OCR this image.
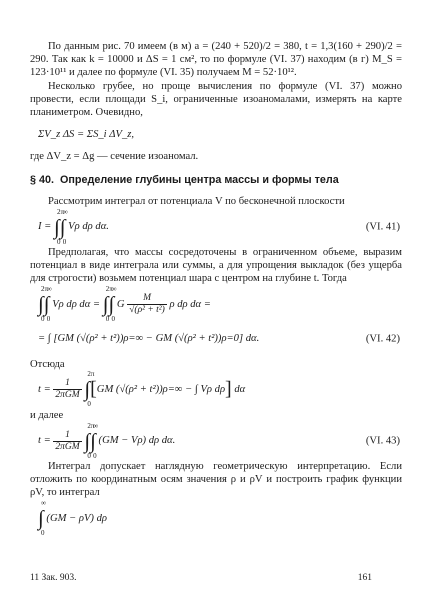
По данным рис. 70 имеем (в м) a = (240 + 520)/2 = 380, t = 1,3(160 + 290)/2 = 290. Так как k = 10000 и ΔS = 1 см², то по формуле (VI. 37) находим (в г) M_S = 123·10¹¹ и далее по формуле (VI. 35) получаем M = 52·10¹².

Несколько грубее, но проще вычисления по формуле (VI. 37) можно провести, если площади S_i, ограниченные изоаномалами, измерять на карте планиметром. Очевидно,

ΣV_z ΔS = ΣS_i ΔV_z,

где ΔV_z = Δg — сечение изоаномал.

§ 40. Определение глубины центра массы и формы тела

Рассмотрим интеграл от потенциала V по бесконечной плоскости

I =
∫
2π
0
∫
∞
0

Vρ dρ dα.	(VI. 41)

Предполагая, что массы сосредоточены в ограниченном объеме, выразим потенциал в виде интеграла или суммы, а для упрощения выкладок (без ущерба для строгости) возьмем потенциал шара с центром на глубине t. Тогда

∫
2π
0
∫
∞
0

Vρ dρ dα =
∫
2π
0
∫
∞
0
G $\frac{M}{\text{√(ρ² + t²)}}$
ρ dρ dα =
= ∫ [GM (√(ρ² + t²))ρ=∞ − GM (√(ρ² + t²))ρ=0] dα.	(VI. 42)

Отсюда

t =
$\frac{1}{\text{2πGM}}$
∫
2π
0
[ GM (√(ρ² + t²))ρ=∞ − ∫ Vρ dρ ]
dα

и далее

t =
$\frac{1}{\text{2πGM}}$
∫
2π
0
∫
∞
0

(GM − Vρ) dρ dα.	(VI. 43)

Интеграл допускает наглядную геометрическую интерпретацию. Если отложить по координатным осям значения ρ и ρV и построить график функции ρV, то интеграл

∫
∞
0

(GM − ρV) dρ
11 Зак. 903.	161
